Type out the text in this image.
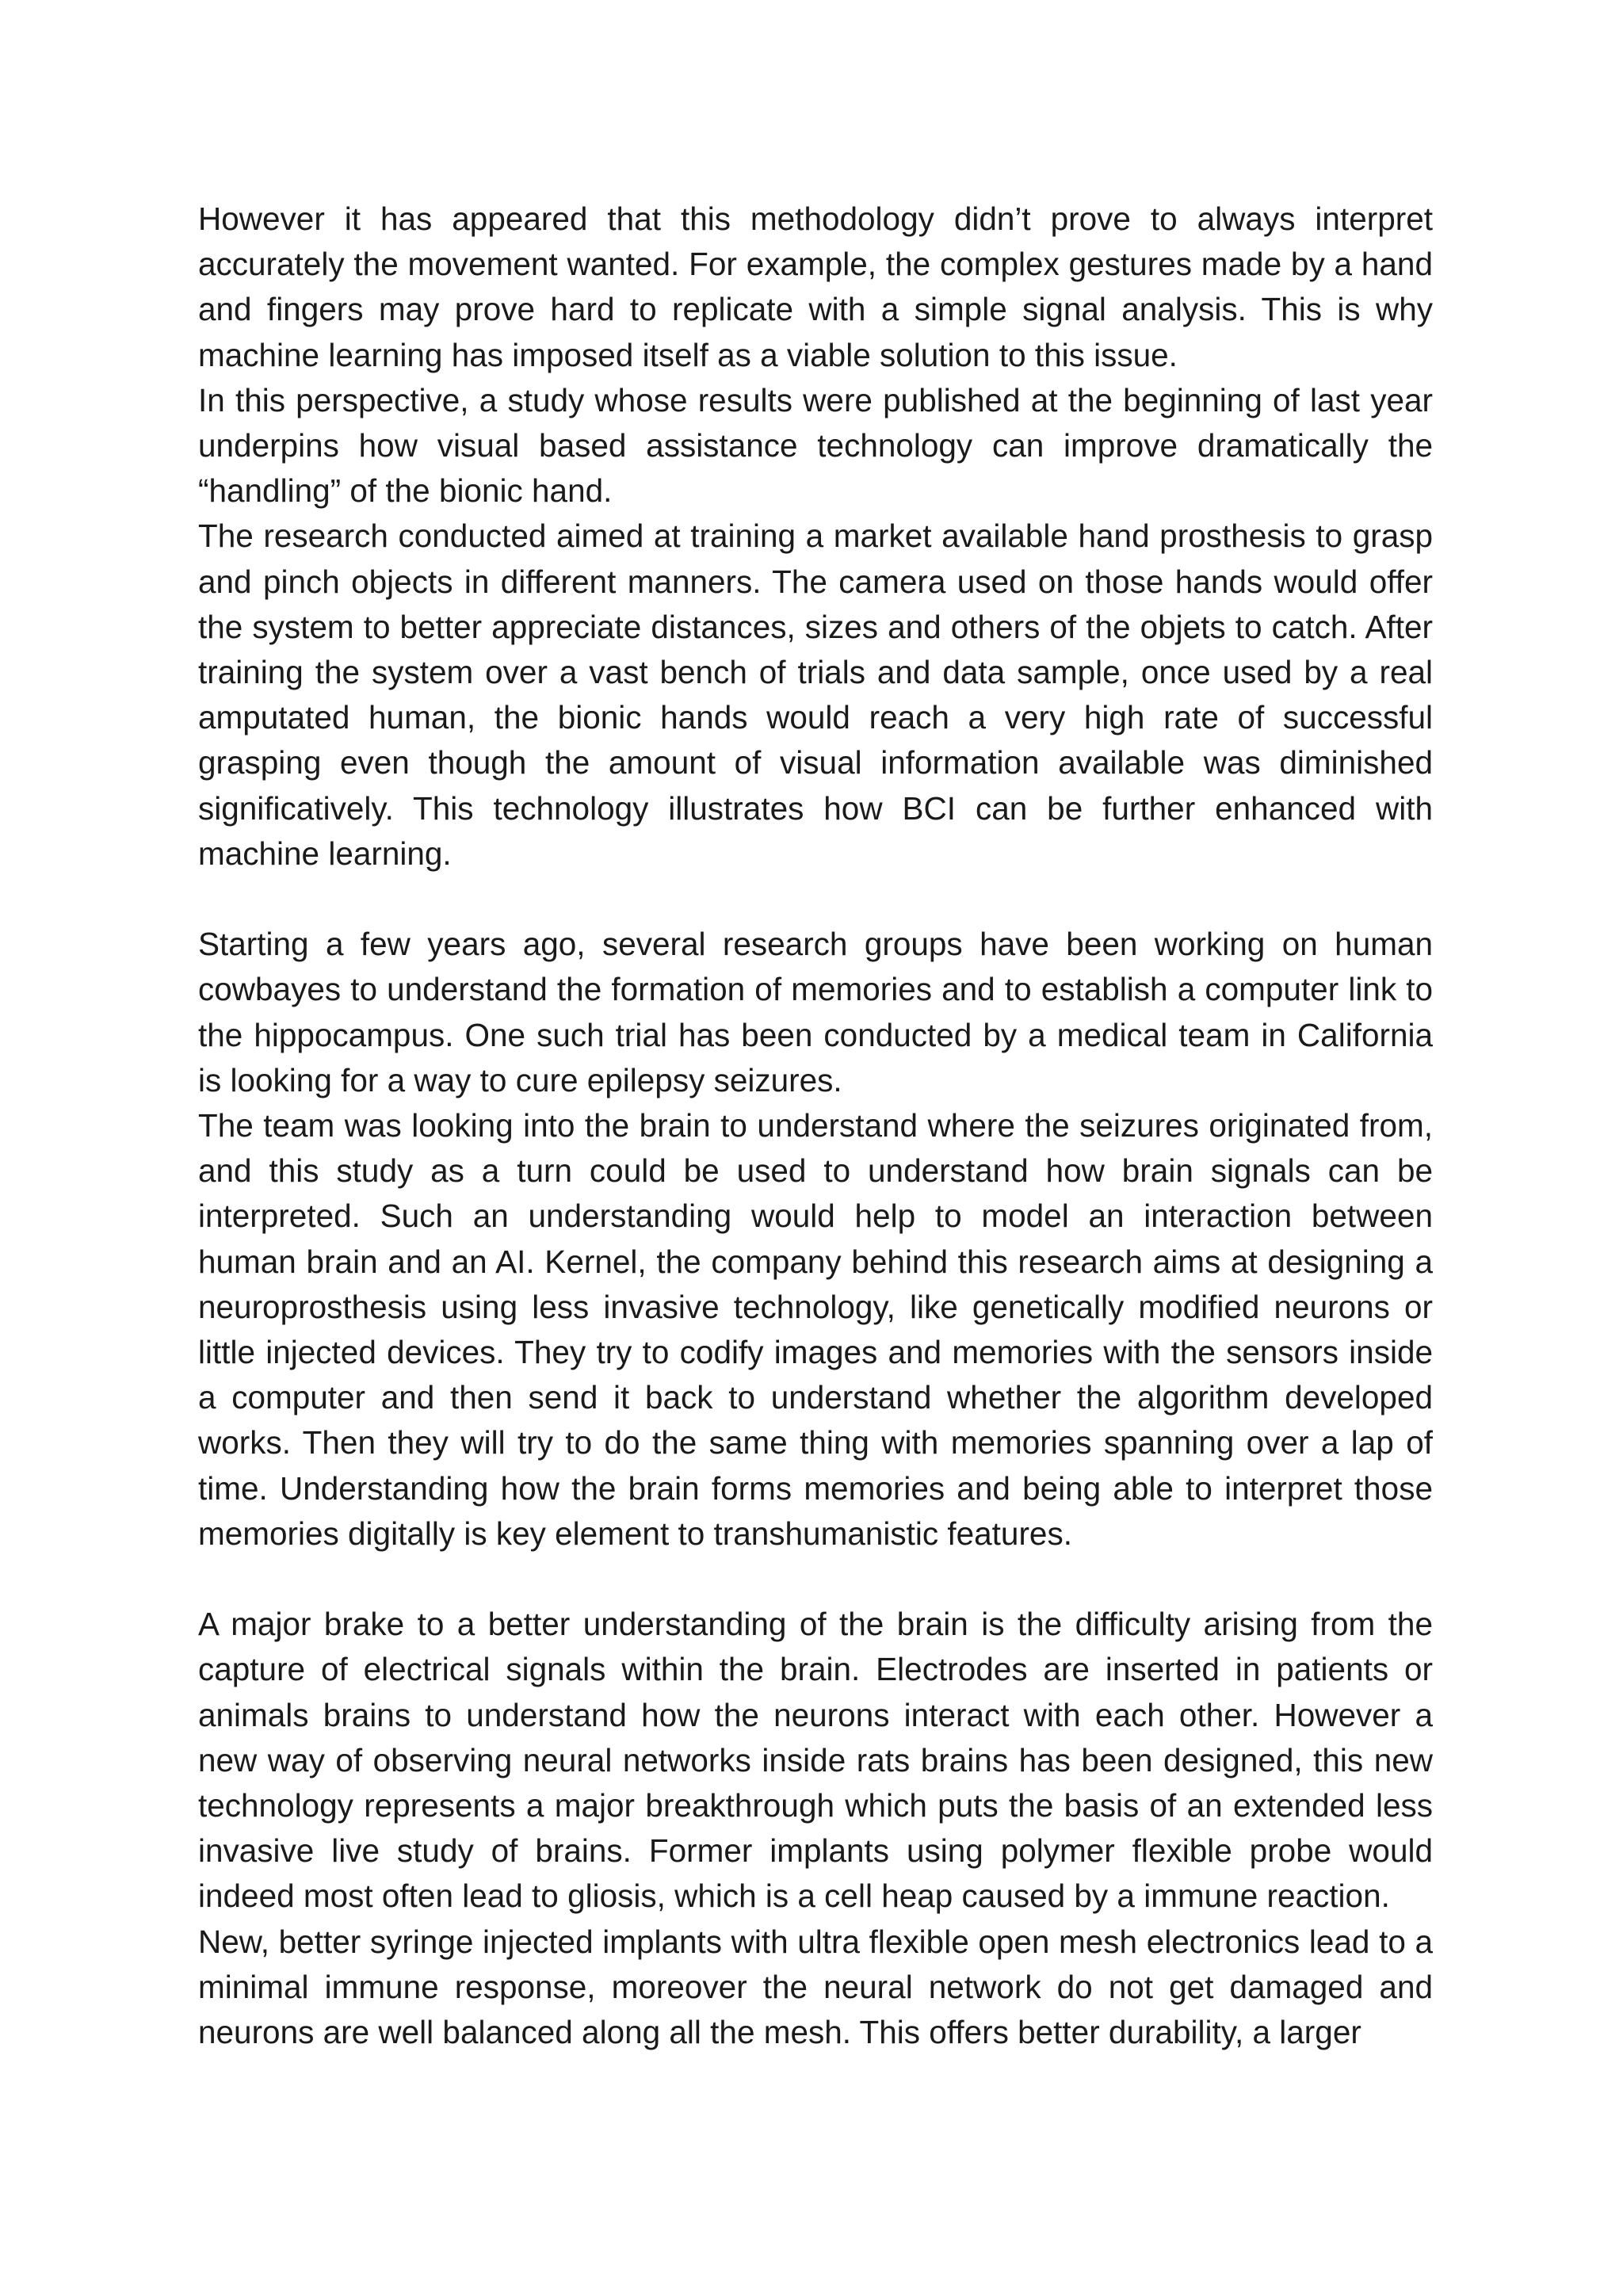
However it has appeared that this methodology didn’t prove to always interpret accurately the movement wanted. For example, the complex gestures made by a hand and fingers may prove hard to replicate with a simple signal analysis. This is why machine learning has imposed itself as a viable solution to this issue.

In this perspective, a study whose results were published at the beginning of last year underpins how visual based assistance technology can improve dramatically the “handling” of the bionic hand.

The research conducted aimed at training a market available hand prosthesis to grasp and pinch objects in different manners. The camera used on those hands would offer the system to better appreciate distances, sizes and others of the objets to catch. After training the system over a vast bench of trials and data sample, once used by a real amputated human, the bionic hands would reach a very high rate of successful grasping even though the amount of visual information available was diminished significatively. This technology illustrates how BCI can be further enhanced with machine learning.

Starting a few years ago, several research groups have been working on human cowbayes to understand the formation of memories and to establish a computer link to the hippocampus. One such trial has been conducted by a medical team in California is looking for a way to cure epilepsy seizures.

The team was looking into the brain to understand where the seizures originated from, and this study as a turn could be used to understand how brain signals can be interpreted. Such an understanding would help to model an interaction between human brain and an AI. Kernel, the company behind this research aims at designing a neuroprosthesis using less invasive technology, like genetically modified neurons or little injected devices. They try to codify images and memories with the sensors inside a computer and then send it back to understand whether the algorithm developed works. Then they will try to do the same thing with memories spanning over a lap of time. Understanding how the brain forms memories and being able to interpret those memories digitally is key element to transhumanistic features.

A major brake to a better understanding of the brain is the difficulty arising from the capture of electrical signals within the brain. Electrodes are inserted in patients or animals brains to understand how the neurons interact with each other. However a new way of observing neural networks inside rats brains has been designed, this new technology represents a major breakthrough which puts the basis of an extended less invasive live study of brains. Former implants using polymer flexible probe would indeed most often lead to gliosis, which is a cell heap caused by a immune reaction.

New, better syringe injected implants with ultra flexible open mesh electronics lead to a minimal immune response, moreover the neural network do not get damaged and neurons are well balanced along all the mesh. This offers better durability, a larger
